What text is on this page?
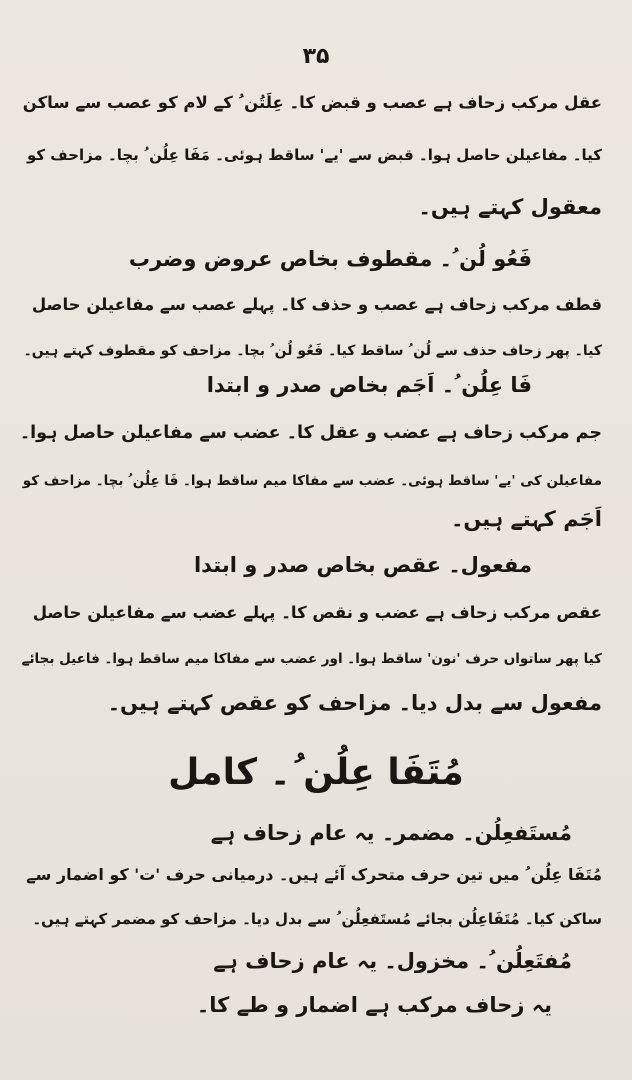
۳۵
عقل مرکب زحاف ہے عصب و قبض کا۔ عِلَتُن ُ کے لام کو عصب سے ساکن
کیا۔ مفاعیلن حاصل ہوا۔ قبض سے 'یے' ساقط ہوئی۔ مَفَا عِلُن ُ بچا۔ مزاحف کو
معقول کہتے ہیں۔
فَعُو لُن ُ۔ مقطوف بخاص عروض وضرب
قطف مرکب زحاف ہے عصب و حذف کا۔ پہلے عصب سے مفاعیلن حاصل
کیا۔ پھر زحاف حذف سے لُن ُ ساقط کیا۔ فَعُو لُن ُ بچا۔ مزاحف کو مقطوف کہتے ہیں۔
فَا عِلُن ُ۔ اَجَم بخاص صدر و ابتدا
جم مرکب زحاف ہے عضب و عقل کا۔ عضب سے مفاعیلن حاصل ہوا۔
مفاعیلن کی 'یے' ساقط ہوئی۔ عضب سے مفاکا میم ساقط ہوا۔ فَا عِلُن ُ بچا۔ مزاحف کو
اَجَم کہتے ہیں۔
مفعول۔ عقص بخاص صدر و ابتدا
عقص مرکب زحاف ہے عضب و نقص کا۔ پہلے عضب سے مفاعیلن حاصل
کیا پھر ساتواں حرف 'نون' ساقط ہوا۔ اور عضب سے مفاکا میم ساقط ہوا۔ فاعیل بجائے
مفعول سے بدل دیا۔ مزاحف کو عقص کہتے ہیں۔
مُتَفَا عِلُن ُ۔ کامل
مُستَفعِلُن۔ مضمر۔ یہ عام زحاف ہے
مُتَفَا عِلُن ُ میں تین حرف متحرک آئے ہیں۔ درمیانی حرف 'ت' کو اضمار سے
ساکن کیا۔ مُتَفَاعِلُن بجائے مُستَفعِلُن ُ سے بدل دیا۔ مزاحف کو مضمر کہتے ہیں۔
مُفتَعِلُن ُ۔ مخزول۔ یہ عام زحاف ہے
یہ زحاف مرکب ہے اضمار و طے کا۔
